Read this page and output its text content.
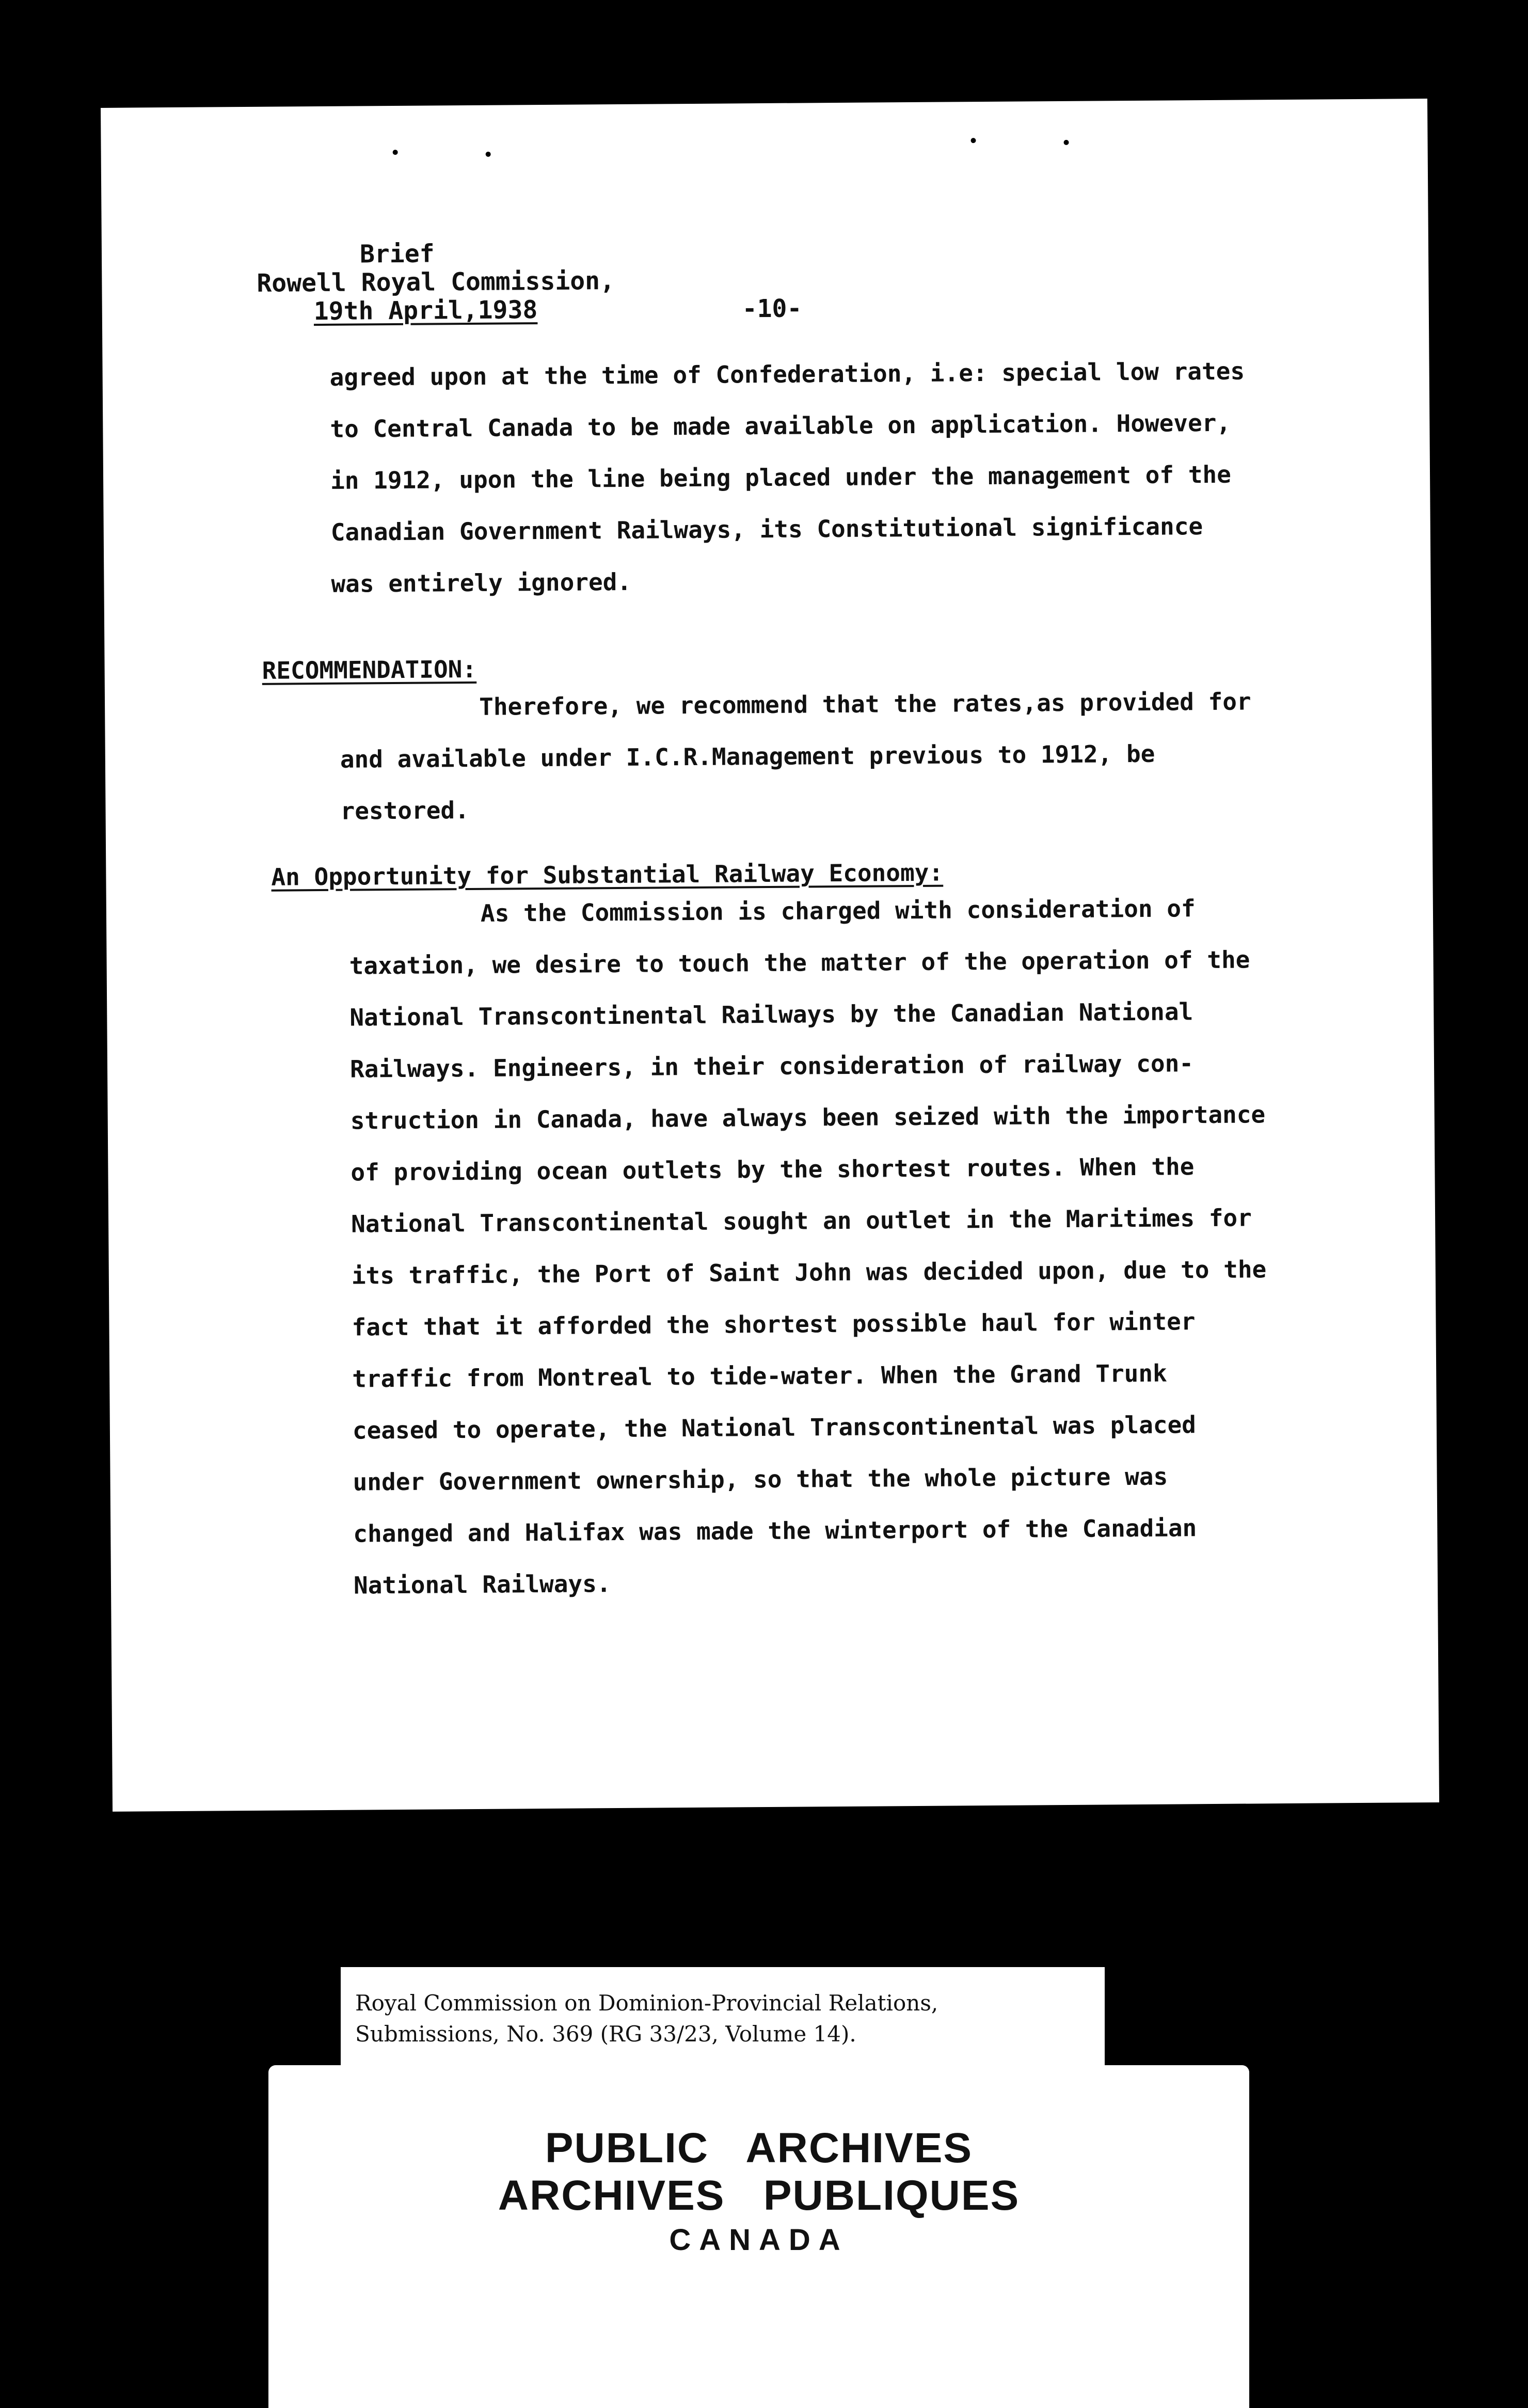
Brief
Rowell Royal Commission,
19th April,1938	-10-
agreed upon at the time of Confederation, i.e: special low rates
to Central Canada to be made available on application. However,
in 1912, upon the line being placed under the management of the
Canadian Government Railways, its Constitutional significance
was entirely ignored.
RECOMMENDATION:
Therefore, we recommend that the rates,as provided for
and available under I.C.R.Management previous to 1912, be
restored.
An Opportunity for Substantial Railway Economy:
As the Commission is charged with consideration of
taxation, we desire to touch the matter of the operation of the
National Transcontinental Railways by the Canadian National
Railways. Engineers, in their consideration of railway con-
struction in Canada, have always been seized with the importance
of providing ocean outlets by the shortest routes. When the
National Transcontinental sought an outlet in the Maritimes for
its traffic, the Port of Saint John was decided upon, due to the
fact that it afforded the shortest possible haul for winter
traffic from Montreal to tide-water. When the Grand Trunk
ceased to operate, the National Transcontinental was placed
under Government ownership, so that the whole picture was
changed and Halifax was made the winterport of the Canadian
National Railways.
Royal Commission on Dominion-Provincial Relations,
Submissions, No. 369 (RG 33/23, Volume 14).
PUBLIC   ARCHIVES
ARCHIVES   PUBLIQUES
CANADA
